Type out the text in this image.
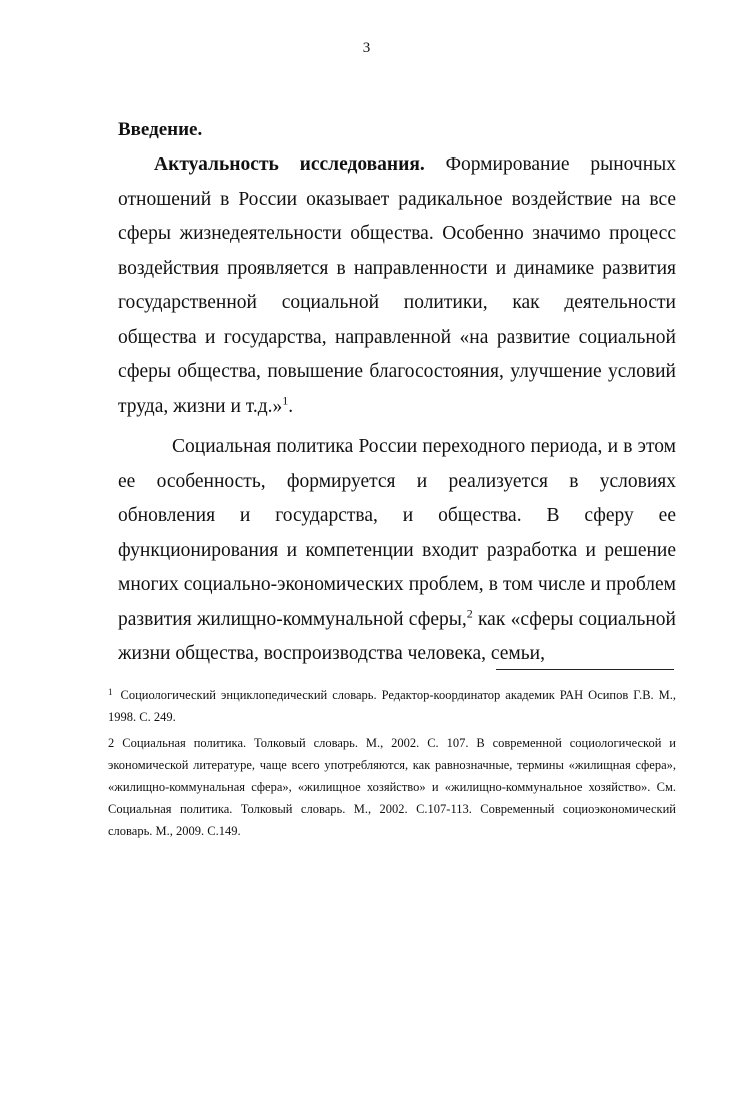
3

Введение.

Актуальность исследования. Формирование рыночных отношений в России оказывает радикальное воздействие на все сферы жизнедеятельности общества. Особенно значимо процесс воздействия проявляется в направленности и динамике развития государственной социальной политики, как деятельности общества и государства, направленной «на развитие социальной сферы общества, повышение благосостояния, улучшение условий труда, жизни и т.д.»$^1$.

Социальная политика России переходного периода, и в этом ее особенность, формируется и реализуется в условиях обновления и государства, и общества. В сферу ее функционирования и компетенции входит разработка и решение многих социально-экономических проблем, в том числе и проблем развития жилищно-коммунальной сферы,$^2$ как «сферы социальной жизни общества, воспроизводства человека, семьи,

1 Социологический энциклопедический словарь. Редактор-координатор академик РАН Осипов Г.В. М., 1998. С. 249.

2 Социальная политика. Толковый словарь. М., 2002. С. 107. В современной социологической и экономической литературе, чаще всего употребляются, как равнозначные, термины «жилищная сфера», «жилищно-коммунальная сфера», «жилищное хозяйство» и «жилищно-коммунальное хозяйство». См. Социальная политика. Толковый словарь. М., 2002. С.107-113. Современный социоэкономический словарь. М., 2009. С.149.
